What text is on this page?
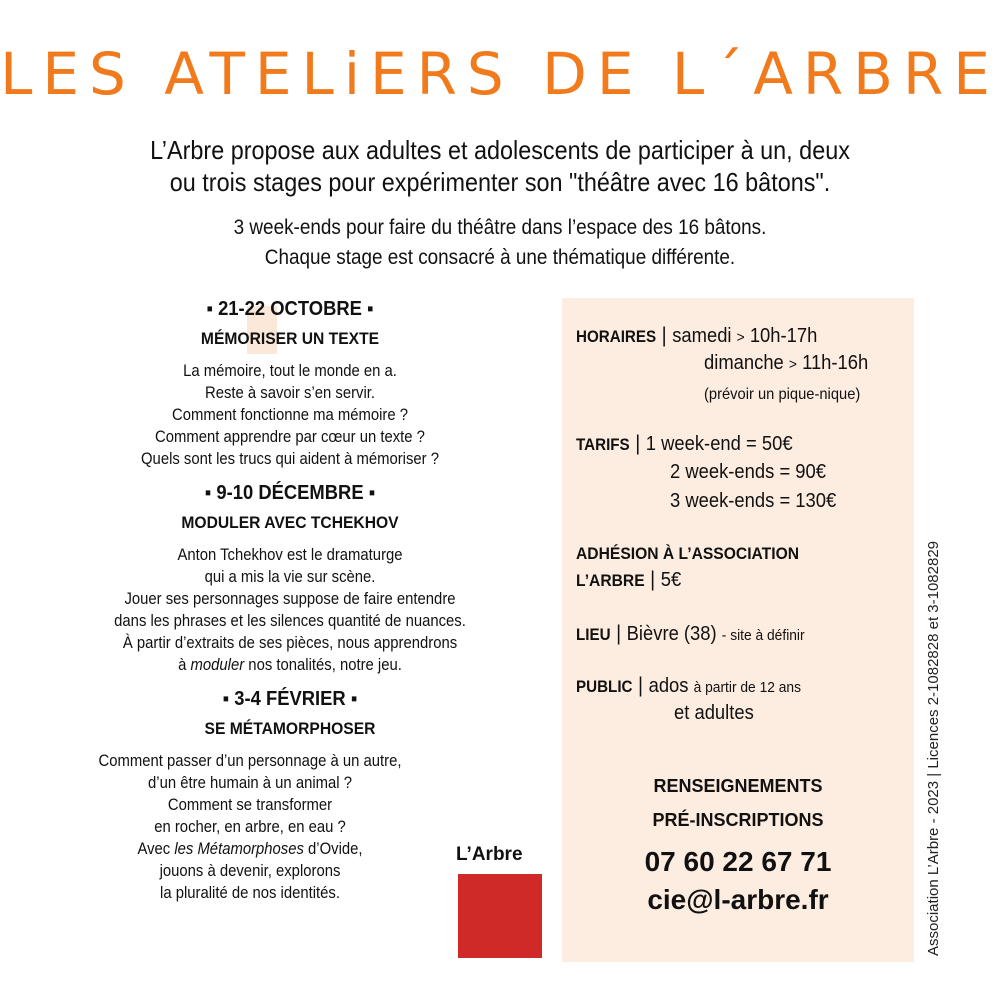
LES ATELiERS DE L´ARBRE
L’Arbre propose aux adultes et adolescents de participer à un, deux
ou trois stages pour expérimenter son "théâtre avec 16 bâtons".
3 week-ends pour faire du théâtre dans l’espace des 16 bâtons.
Chaque stage est consacré à une thématique différente.
▪ 21-22 OCTOBRE ▪
MÉMORISER UN TEXTE
La mémoire, tout le monde en a.
Reste à savoir s’en servir.
Comment fonctionne ma mémoire ?
Comment apprendre par cœur un texte ?
Quels sont les trucs qui aident à mémoriser ?
▪ 9-10 DÉCEMBRE ▪
MODULER AVEC TCHEKHOV
Anton Tchekhov est le dramaturge
qui a mis la vie sur scène.
Jouer ses personnages suppose de faire entendre
dans les phrases et les silences quantité de nuances.
À partir d’extraits de ses pièces, nous apprendrons
à moduler nos tonalités, notre jeu.
▪ 3-4 FÉVRIER ▪
SE MÉTAMORPHOSER
Comment passer d’un personnage à un autre,
d’un être humain à un animal ?
Comment se transformer
en rocher, en arbre, en eau ?
Avec les Métamorphoses d’Ovide,
jouons à devenir, explorons
la pluralité de nos identités.
HORAIRES | samedi > 10h-17h
dimanche > 11h-16h
(prévoir un pique-nique)
TARIFS | 1 week-end = 50€
2 week-ends = 90€
3 week-ends = 130€
ADHÉSION À L’ASSOCIATION
L’ARBRE | 5€
LIEU | Bièvre (38) - site à définir
PUBLIC | ados à partir de 12 ans
et adultes
RENSEIGNEMENTS
PRÉ-INSCRIPTIONS
07 60 22 67 71
cie@l-arbre.fr
L’Arbre	Association L’Arbre - 2023 | Licences 2-1082828 et 3-1082829
